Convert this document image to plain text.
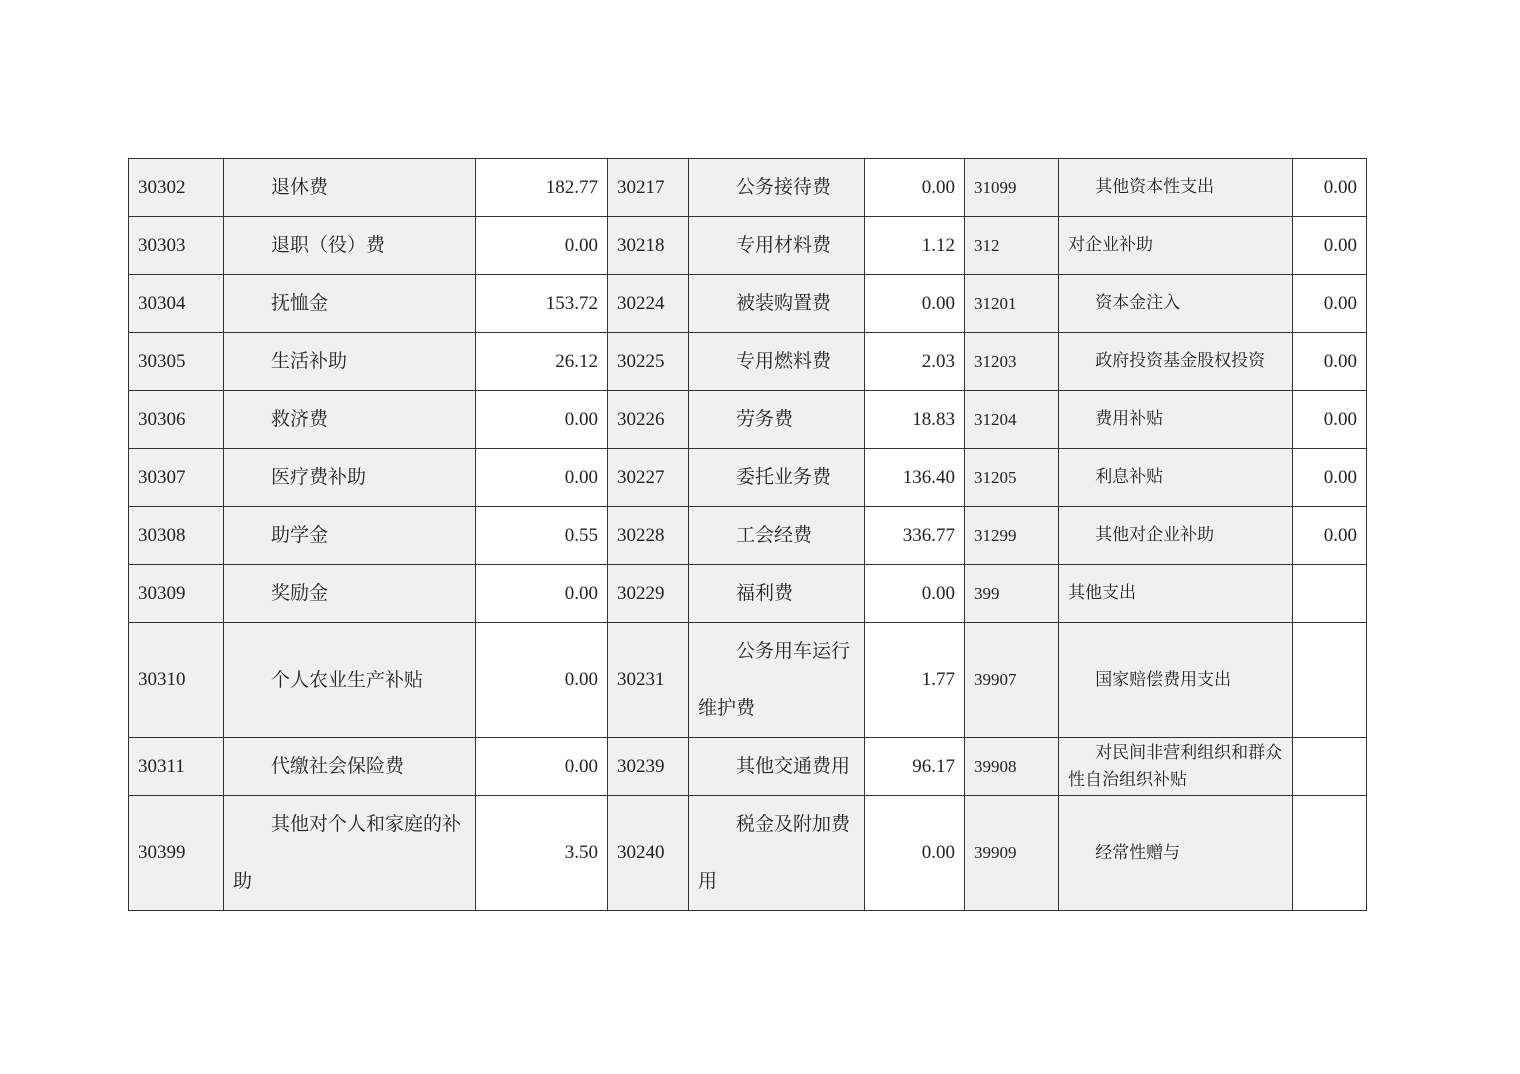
30302	退休费	182.77	30217	公务接待费	0.00	31099	其他资本性支出	0.00
30303	退职（役）费	0.00	30218	专用材料费	1.12	312	对企业补助	0.00
30304	抚恤金	153.72	30224	被装购置费	0.00	31201	资本金注入	0.00
30305	生活补助	26.12	30225	专用燃料费	2.03	31203	政府投资基金股权投资	0.00
30306	救济费	0.00	30226	劳务费	18.83	31204	费用补贴	0.00
30307	医疗费补助	0.00	30227	委托业务费	136.40	31205	利息补贴	0.00
30308	助学金	0.55	30228	工会经费	336.77	31299	其他对企业补助	0.00
30309	奖励金	0.00	30229	福利费	0.00	399	其他支出	
30310	个人农业生产补贴	0.00	30231	公务用车运行维护费	1.77	39907	国家赔偿费用支出	
30311	代缴社会保险费	0.00	30239	其他交通费用	96.17	39908	对民间非营利组织和群众性自治组织补贴	
30399	其他对个人和家庭的补助	3.50	30240	税金及附加费用	0.00	39909	经常性赠与	
